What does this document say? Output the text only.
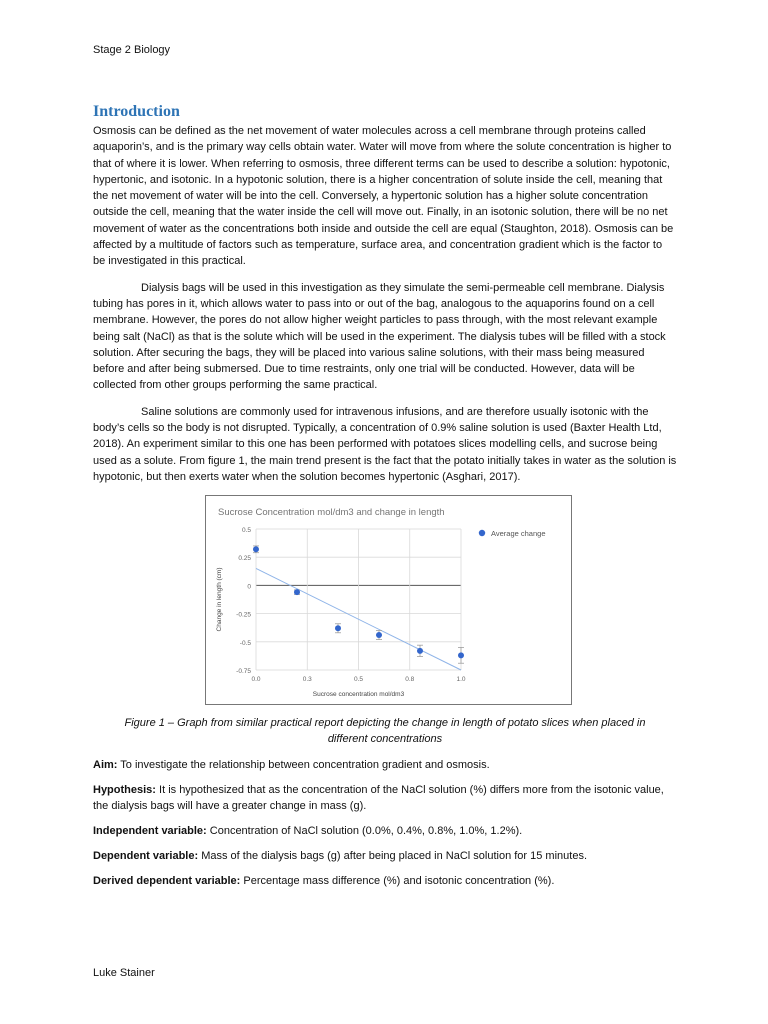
Stage 2 Biology
Introduction

Osmosis can be defined as the net movement of water molecules across a cell membrane through proteins called aquaporin’s, and is the primary way cells obtain water. Water will move from where the solute concentration is higher to that of where it is lower. When referring to osmosis, three different terms can be used to describe a solution: hypotonic, hypertonic, and isotonic. In a hypotonic solution, there is a higher concentration of solute inside the cell, meaning that the net movement of water will be into the cell. Conversely, a hypertonic solution has a higher solute concentration outside the cell, meaning that the water inside the cell will move out. Finally, in an isotonic solution, there will be no net movement of water as the concentrations both inside and outside the cell are equal (Staughton, 2018). Osmosis can be affected by a multitude of factors such as temperature, surface area, and concentration gradient which is the factor to be investigated in this practical.

Dialysis bags will be used in this investigation as they simulate the semi-permeable cell membrane. Dialysis tubing has pores in it, which allows water to pass into or out of the bag, analogous to the aquaporins found on a cell membrane. However, the pores do not allow higher weight particles to pass through, with the most relevant example being salt (NaCl) as that is the solute which will be used in the experiment. The dialysis tubes will be filled with a stock solution. After securing the bags, they will be placed into various saline solutions, with their mass being measured before and after being submersed. Due to time restraints, only one trial will be conducted. However, data will be collected from other groups performing the same practical.

Saline solutions are commonly used for intravenous infusions, and are therefore usually isotonic with the body’s cells so the body is not disrupted. Typically, a concentration of 0.9% saline solution is used (Baxter Health Ltd, 2018). An experiment similar to this one has been performed with potatoes slices modelling cells, and sucrose being used as a solute. From figure 1, the main trend present is the fact that the potato initially takes in water as the solution is hypotonic, but then exerts water when the solution becomes hypertonic (Asghari, 2017).

Sucrose Concentration mol/dm3 and change in length
0.5
0.25
0
-0.25
-0.5
-0.75
0.0	0.3	0.5	0.8	1.0
Sucrose concentration mol/dm3
Change in length (cm)
Average change
Figure 1 – Graph from similar practical report depicting the change in length of potato slices when placed in different concentrations
Aim: To investigate the relationship between concentration gradient and osmosis.
Hypothesis: It is hypothesized that as the concentration of the NaCl solution (%) differs more from the isotonic value, the dialysis bags will have a greater change in mass (g).
Independent variable: Concentration of NaCl solution (0.0%, 0.4%, 0.8%, 1.0%, 1.2%).
Dependent variable: Mass of the dialysis bags (g) after being placed in NaCl solution for 15 minutes.
Derived dependent variable: Percentage mass difference (%) and isotonic concentration (%).
Luke Stainer
